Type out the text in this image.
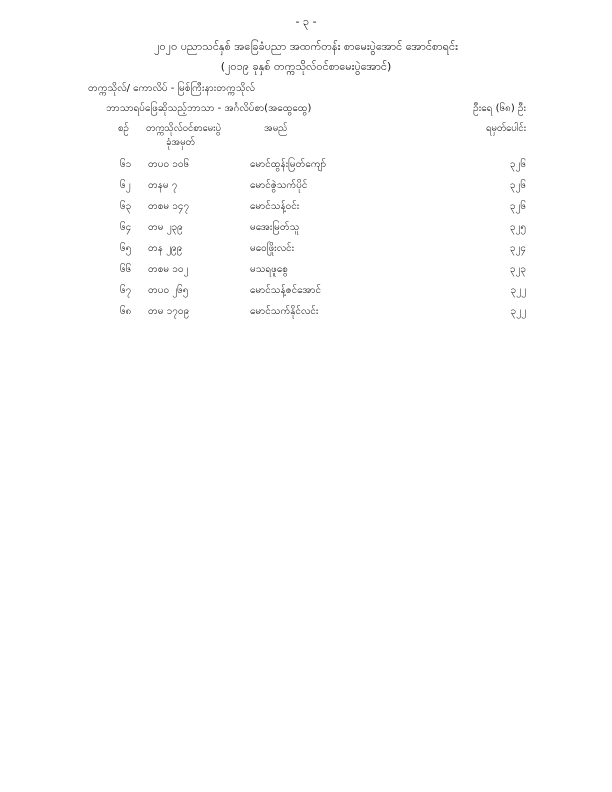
- ၃ -
၂၀၂၀ ပညာသင်နှစ် အခြေခံပညာ အထက်တန်း စာမေးပွဲအောင် အောင်စာရင်း
(၂၀၁၉ ခုနှစ် တက္ကသိုလ်ဝင်စာမေးပွဲအောင်)
တက္ကသိုလ်/ ကောလိပ် - မြစ်ကြီးနားတက္ကသိုလ်
ဘာသာရပ်ဖြေဆိုသည့်ဘာသာ - အင်္ဂလိပ်စာ(အထွေထွေ)	ဦးရေ (၆၈) ဦး
စဉ် တက္ကသိုလ်ဝင်စာမေးပွဲ
ခုံအမှတ်
အမည်	ရမှတ်ပေါင်း
၆၁ တပ၀ ၁၀၆	မောင်ထွန်းမြတ်ကျော်	၃၂၆
၆၂ တနမ ၇	မောင်ဇွဲသက်ပိုင်	၃၂၆
၆၃ တစမ ၁၄၇	မောင်သန့်ဝင်း	၃၂၆
၆၄ တမ ၂၃၉	မအေးမြတ်သူ	၃၂၅
၆၅ တန ၂၉၉	မဝေဖြိုးလင်း	၃၂၄
၆၆ တစမ ၁၀၂	မသရဖူစွေ	၃၂၃
၆၇ တပ၀ ၂၆၅	မောင်သန့်ဇင်အောင်	၃၂၂
၆၈ တမ ၁၇၀၉	မောင်သက်နိုင်လင်း	၃၂၂
